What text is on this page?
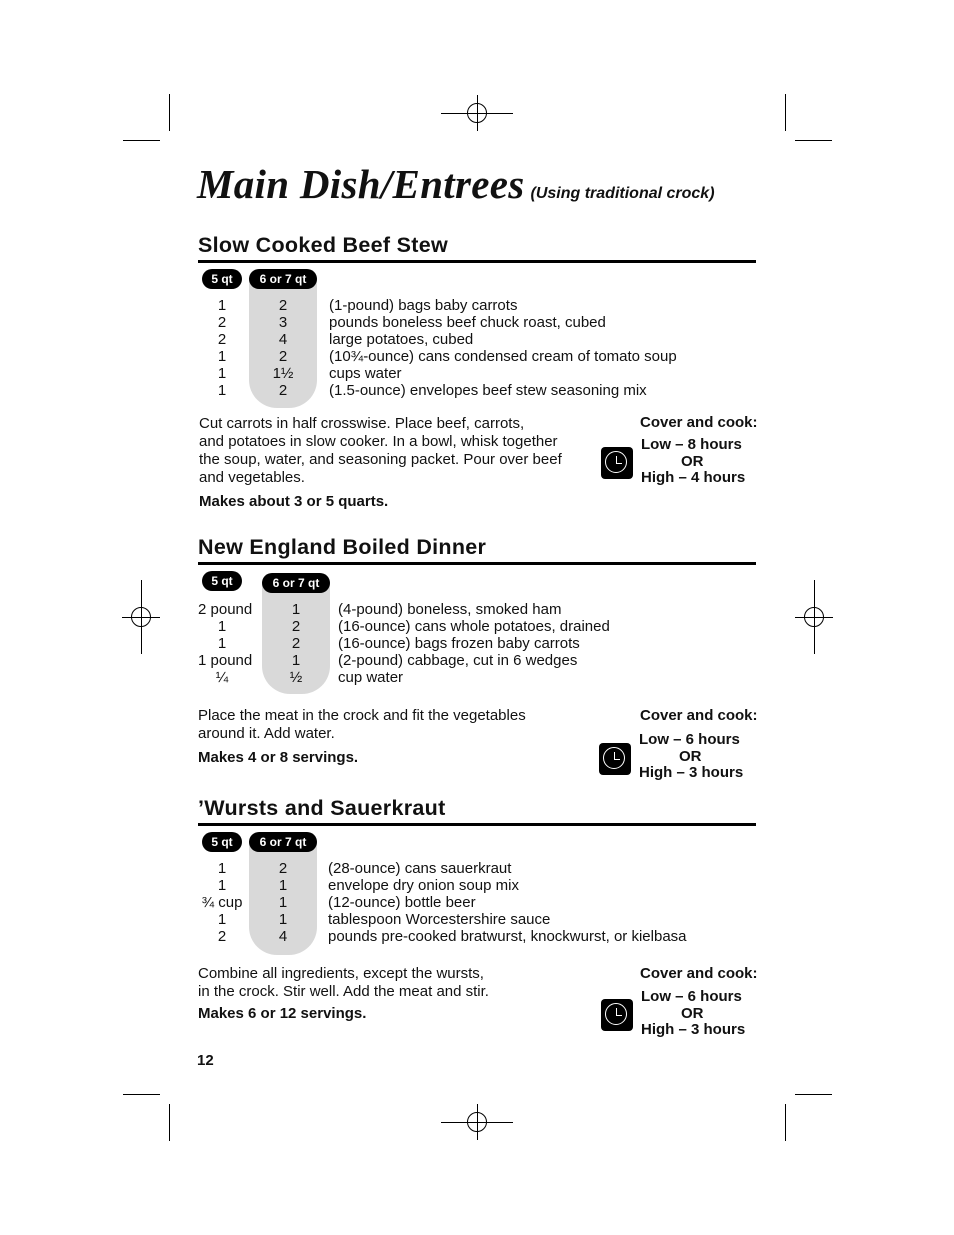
Main Dish/Entrees (Using traditional crock)
Slow Cooked Beef Stew
5 qt	6 or 7 qt
1	2	(1-pound) bags baby carrots
2	3	pounds boneless beef chuck roast, cubed
2	4	large potatoes, cubed
1	2	(10¾-ounce) cans condensed cream of tomato soup
1	1½	cups water
1	2	(1.5-ounce) envelopes beef stew seasoning mix
Cut carrots in half crosswise. Place beef, carrots,
and potatoes in slow cooker. In a bowl, whisk together
the soup, water, and seasoning packet. Pour over beef
and vegetables.
Makes about 3 or 5 quarts.
Cover and cook:
Low – 8 hours
OR
High – 4 hours
New England Boiled Dinner
5 qt	6 or 7 qt
2 pound	1	(4-pound) boneless, smoked ham
1	2	(16-ounce) cans whole potatoes, drained
1	2	(16-ounce) bags frozen baby carrots
1 pound	1	(2-pound) cabbage, cut in 6 wedges
¼	½	cup water
Place the meat in the crock and fit the vegetables
around it. Add water.
Makes 4 or 8 servings.
Cover and cook:
Low – 6 hours
OR
High – 3 hours
’Wursts and Sauerkraut
5 qt	6 or 7 qt
1	2	(28-ounce) cans sauerkraut
1	1	envelope dry onion soup mix
¾ cup	1	(12-ounce) bottle beer
1	1	tablespoon Worcestershire sauce
2	4	pounds pre-cooked bratwurst, knockwurst, or kielbasa
Combine all ingredients, except the wursts,
in the crock. Stir well. Add the meat and stir.
Makes 6 or 12 servings.
Cover and cook:
Low – 6 hours
OR
High – 3 hours
12
